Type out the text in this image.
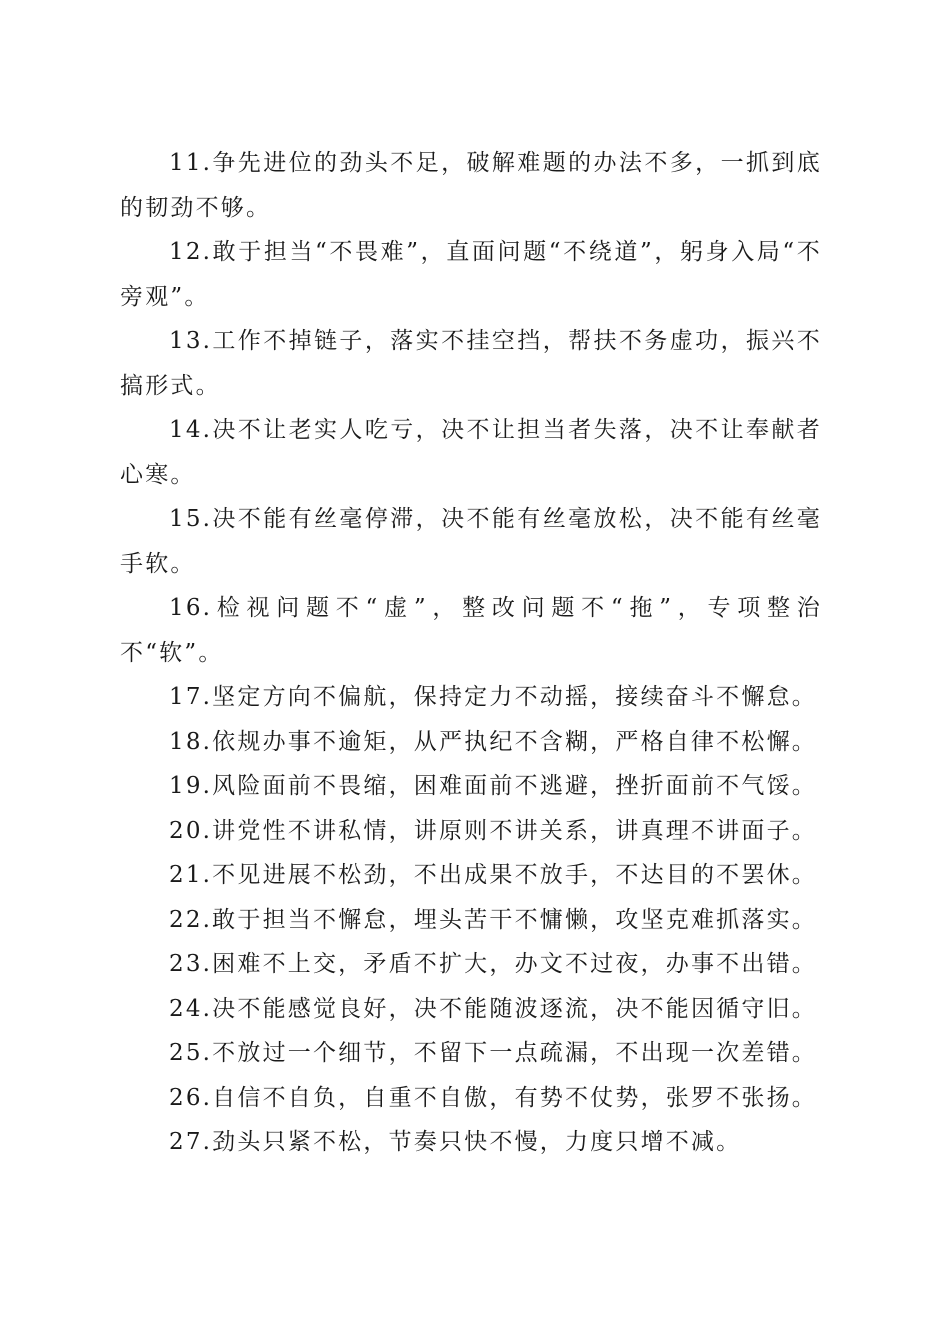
11.争先进位的劲头不足，破解难题的办法不多，一抓到底的韧劲不够。

12.敢于担当“不畏难”，直面问题“不绕道”，躬身入局“不旁观”。

13.工作不掉链子，落实不挂空挡，帮扶不务虚功，振兴不搞形式。

14.决不让老实人吃亏，决不让担当者失落，决不让奉献者心寒。

15.决不能有丝毫停滞，决不能有丝毫放松，决不能有丝毫手软。

16.检视问题不“虚”，整改问题不“拖”，专项整治不“软”。

17.坚定方向不偏航，保持定力不动摇，接续奋斗不懈怠。

18.依规办事不逾矩，从严执纪不含糊，严格自律不松懈。

19.风险面前不畏缩，困难面前不逃避，挫折面前不气馁。

20.讲党性不讲私情，讲原则不讲关系，讲真理不讲面子。

21.不见进展不松劲，不出成果不放手，不达目的不罢休。

22.敢于担当不懈怠，埋头苦干不慵懒，攻坚克难抓落实。

23.困难不上交，矛盾不扩大，办文不过夜，办事不出错。

24.决不能感觉良好，决不能随波逐流，决不能因循守旧。

25.不放过一个细节，不留下一点疏漏，不出现一次差错。

26.自信不自负，自重不自傲，有势不仗势，张罗不张扬。

27.劲头只紧不松，节奏只快不慢，力度只增不减。
